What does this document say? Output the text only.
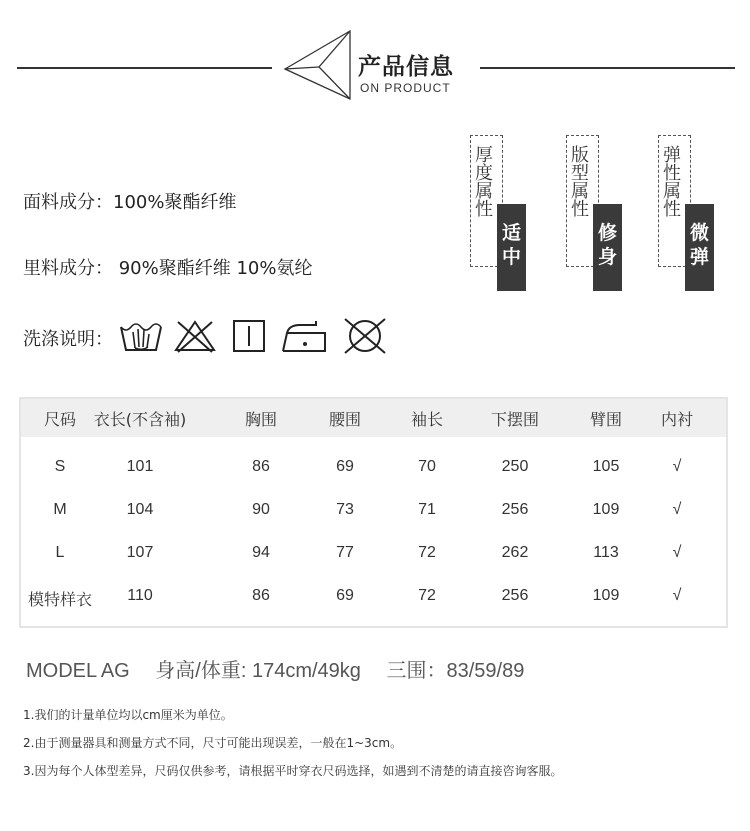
产品信息
ON PRODUCT
面料成分：100%聚酯纤维
里料成分： 90%聚酯纤维 10%氨纶
洗涤说明：
厚度属性
适中
版型属性
修身
弹性属性
微弹
尺码 衣长(不含袖)	胸围	腰围	袖长	下摆围	臂围 内衬
S	101	86	69	70	250	105	√
M	104	90	73	71	256	109	√
L	107	94	77	72	262	113	√
模特样衣 110	86	69	72	256	109	√
MODEL AG 身高/体重: 174cm/49kg 三围：83/59/89
1.我们的计量单位均以cm厘米为单位。
2.由于测量器具和测量方式不同，尺寸可能出现误差，一般在1~3cm。
3.因为每个人体型差异，尺码仅供参考，请根据平时穿衣尺码选择，如遇到不清楚的请直接咨询客服。
